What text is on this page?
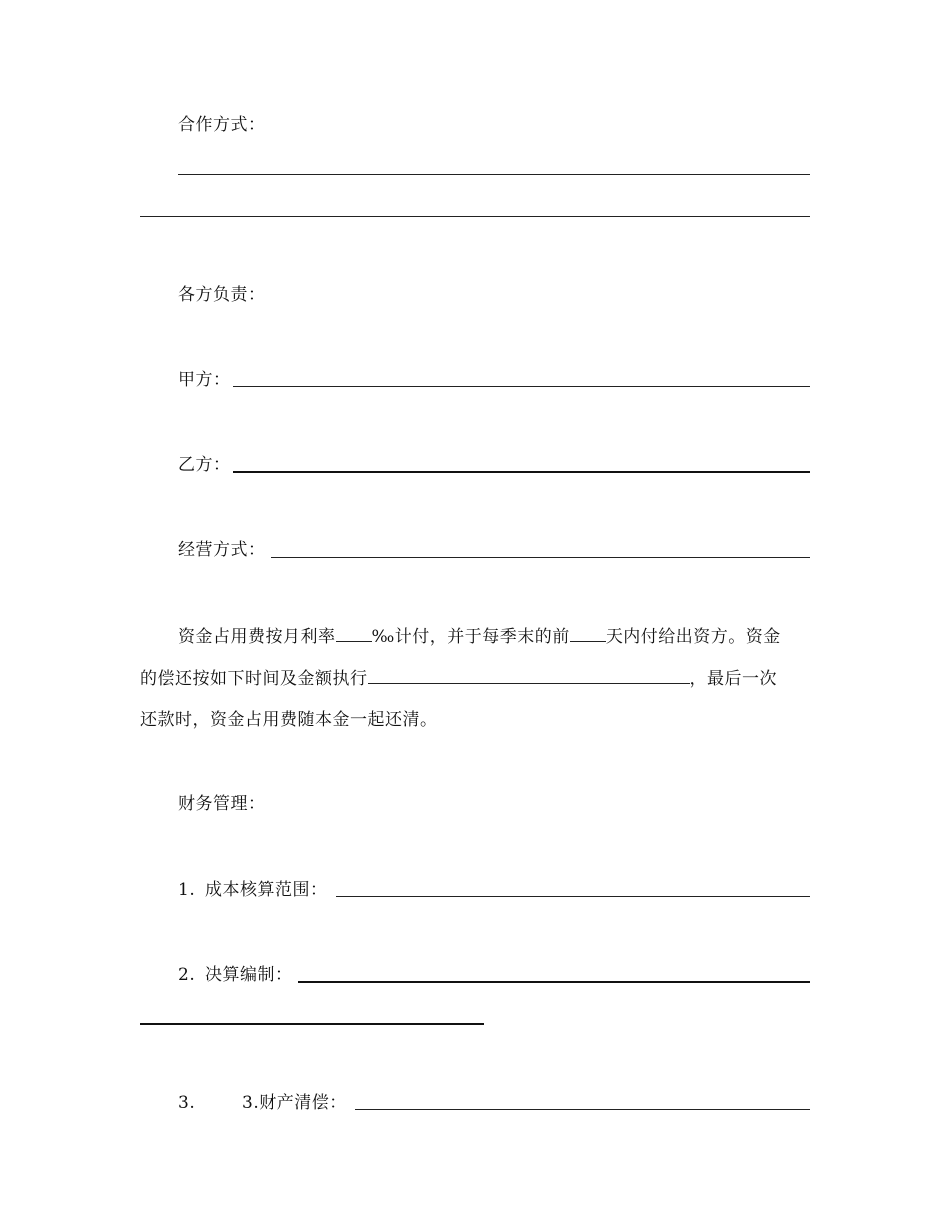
合作方式：
各方负责：
甲方：
乙方：
经营方式：
资金占用费按月利率 ‰计付，并于每季末的前 天内付给出资方。资金
的偿还按如下时间及金额执行	，最后一次
还款时，资金占用费随本金一起还清。
财务管理：
1. 成本核算范围：
2. 决算编制：
3.	3.财产清偿：
